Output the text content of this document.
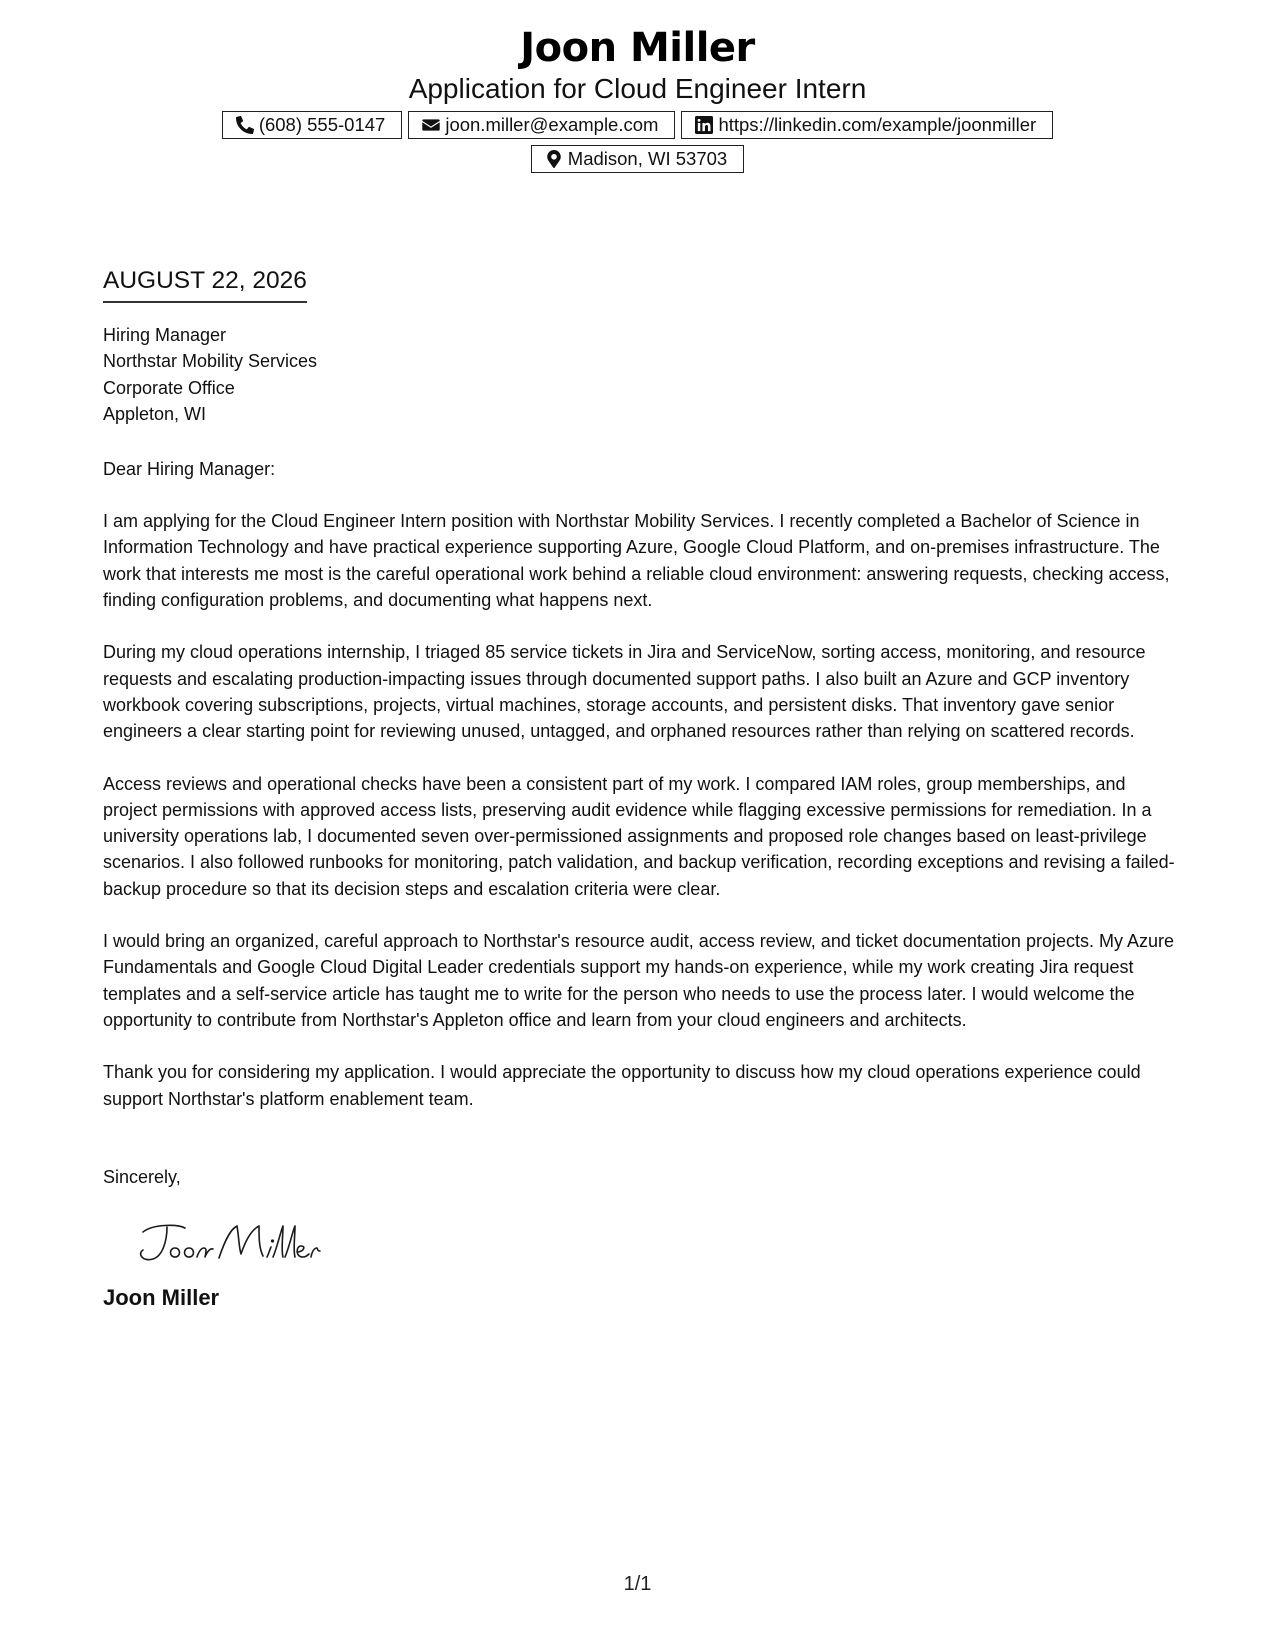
Joon Miller
Application for Cloud Engineer Intern
(608) 555-0147	joon.miller@example.com	https://linkedin.com/example/joonmiller
Madison, WI 53703
AUGUST 22, 2026
Hiring Manager
Northstar Mobility Services
Corporate Office
Appleton, WI
Dear Hiring Manager:
I am applying for the Cloud Engineer Intern position with Northstar Mobility Services. I recently completed a Bachelor of Science in Information Technology and have practical experience supporting Azure, Google Cloud Platform, and on-premises infrastructure. The work that interests me most is the careful operational work behind a reliable cloud environment: answering requests, checking access, finding configuration problems, and documenting what happens next.
During my cloud operations internship, I triaged 85 service tickets in Jira and ServiceNow, sorting access, monitoring, and resource requests and escalating production-impacting issues through documented support paths. I also built an Azure and GCP inventory workbook covering subscriptions, projects, virtual machines, storage accounts, and persistent disks. That inventory gave senior engineers a clear starting point for reviewing unused, untagged, and orphaned resources rather than relying on scattered records.
Access reviews and operational checks have been a consistent part of my work. I compared IAM roles, group memberships, and project permissions with approved access lists, preserving audit evidence while flagging excessive permissions for remediation. In a university operations lab, I documented seven over-permissioned assignments and proposed role changes based on least-privilege scenarios. I also followed runbooks for monitoring, patch validation, and backup verification, recording exceptions and revising a failed-backup procedure so that its decision steps and escalation criteria were clear.
I would bring an organized, careful approach to Northstar's resource audit, access review, and ticket documentation projects. My Azure Fundamentals and Google Cloud Digital Leader credentials support my hands-on experience, while my work creating Jira request templates and a self-service article has taught me to write for the person who needs to use the process later. I would welcome the opportunity to contribute from Northstar's Appleton office and learn from your cloud engineers and architects.
Thank you for considering my application. I would appreciate the opportunity to discuss how my cloud operations experience could support Northstar's platform enablement team.
Sincerely,
Joon Miller
1/1
